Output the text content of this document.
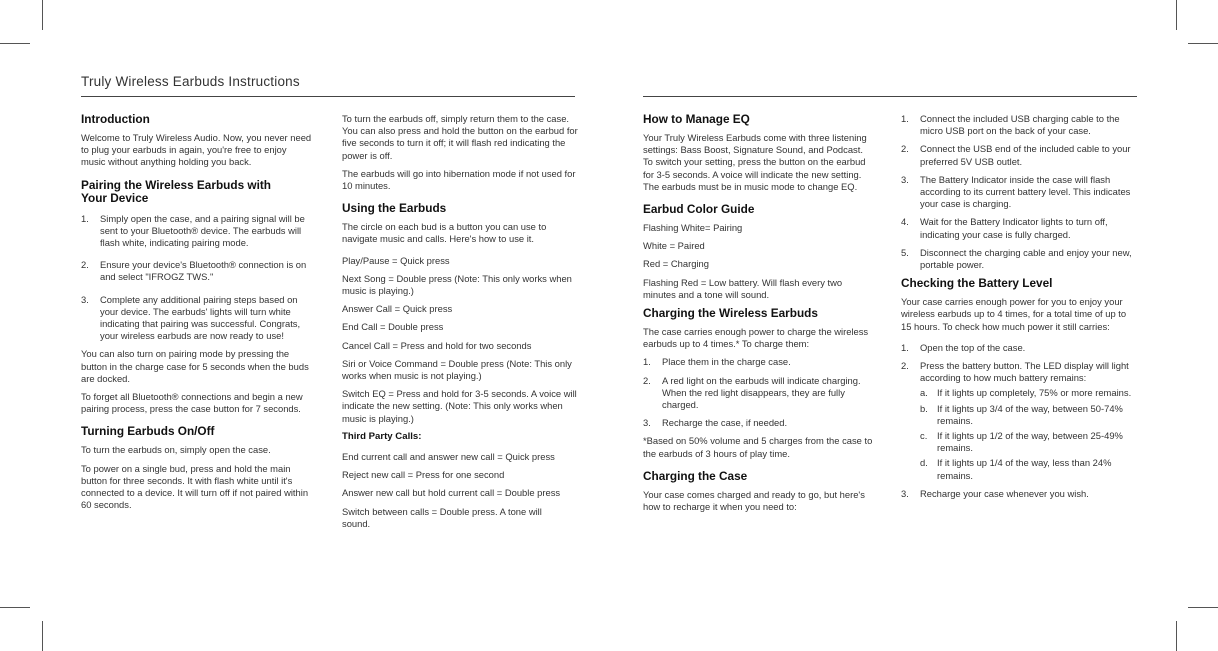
Truly Wireless Earbuds Instructions
Introduction

Welcome to Truly Wireless Audio. Now, you never need to plug your earbuds in again, you're free to enjoy music without anything holding you back.

Pairing the Wireless Earbuds with
Your Device
1. Simply open the case, and a pairing signal will be sent to your Bluetooth® device. The earbuds will flash white, indicating pairing mode.
2. Ensure your device's Bluetooth® connection is on and select "IFROGZ TWS."
3. Complete any additional pairing steps based on your device. The earbuds' lights will turn white indicating that pairing was successful. Congrats, your wireless earbuds are now ready to use!

You can also turn on pairing mode by pressing the button in the charge case for 5 seconds when the buds are docked.

To forget all Bluetooth® connections and begin a new pairing process, press the case button for 7 seconds.

Turning Earbuds On/Off

To turn the earbuds on, simply open the case.

To power on a single bud, press and hold the main button for three seconds. It with flash white until it's connected to a device. It will turn off if not paired within 60 seconds.

To turn the earbuds off, simply return them to the case. You can also press and hold the button on the earbud for five seconds to turn it off; it will flash red indicating the power is off.

The earbuds will go into hibernation mode if not used for 10 minutes.

Using the Earbuds

The circle on each bud is a button you can use to navigate music and calls. Here's how to use it.

Play/Pause = Quick press

Next Song = Double press (Note: This only works when music is playing.)

Answer Call = Quick press

End Call = Double press

Cancel Call = Press and hold for two seconds

Siri or Voice Command = Double press (Note: This only works when music is not playing.)

Switch EQ = Press and hold for 3-5 seconds. A voice will indicate the new setting. (Note: This only works when music is playing.)

Third Party Calls:

End current call and answer new call = Quick press

Reject new call = Press for one second

Answer new call but hold current call = Double press

Switch between calls = Double press. A tone will sound.

How to Manage EQ

Your Truly Wireless Earbuds come with three listening settings: Bass Boost, Signature Sound, and Podcast. To switch your setting, press the button on the earbud for 3-5 seconds. A voice will indicate the new setting. The earbuds must be in music mode to change EQ.

Earbud Color Guide

Flashing White= Pairing

White = Paired

Red = Charging

Flashing Red = Low battery. Will flash every two minutes and a tone will sound.

Charging the Wireless Earbuds

The case carries enough power to charge the wireless earbuds up to 4 times.* To charge them:

1. Place them in the charge case.
2. A red light on the earbuds will indicate charging. When the red light disappears, they are fully charged.
3. Recharge the case, if needed.

*Based on 50% volume and 5 charges from the case to the earbuds of 3 hours of play time.

Charging the Case

Your case comes charged and ready to go, but here's how to recharge it when you need to:

1. Connect the included USB charging cable to the micro USB port on the back of your case.
2. Connect the USB end of the included cable to your preferred 5V USB outlet.
3. The Battery Indicator inside the case will flash according to its current battery level. This indicates your case is charging.
4. Wait for the Battery Indicator lights to turn off, indicating your case is fully charged.
5. Disconnect the charging cable and enjoy your new, portable power.
Checking the Battery Level

Your case carries enough power for you to enjoy your wireless earbuds up to 4 times, for a total time of up to 15 hours. To check how much power it still carries:

1. Open the top of the case.
2. Press the battery button. The LED display will light according to how much battery remains:
a. If it lights up completely, 75% or more remains.
b. If it lights up 3/4 of the way, between 50-74% remains.
c. If it lights up 1/2 of the way, between 25-49% remains.
d. If it lights up 1/4 of the way, less than 24% remains.
3. Recharge your case whenever you wish.
